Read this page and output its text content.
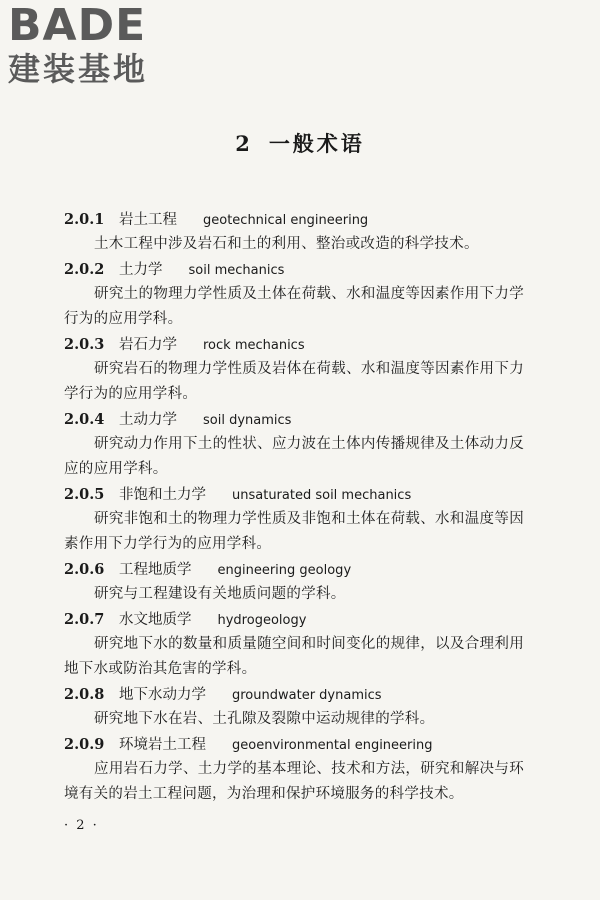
BADE
建装基地
2 一般术语
2.0.1 岩土工程 geotechnical engineering
土木工程中涉及岩石和土的利用、整治或改造的科学技术。
2.0.2 土力学 soil mechanics
研究土的物理力学性质及土体在荷载、水和温度等因素作用下力学行为的应用学科。
2.0.3 岩石力学 rock mechanics
研究岩石的物理力学性质及岩体在荷载、水和温度等因素作用下力学行为的应用学科。
2.0.4 土动力学 soil dynamics
研究动力作用下土的性状、应力波在土体内传播规律及土体动力反应的应用学科。
2.0.5 非饱和土力学 unsaturated soil mechanics
研究非饱和土的物理力学性质及非饱和土体在荷载、水和温度等因素作用下力学行为的应用学科。
2.0.6 工程地质学 engineering geology
研究与工程建设有关地质问题的学科。
2.0.7 水文地质学 hydrogeology
研究地下水的数量和质量随空间和时间变化的规律，以及合理利用地下水或防治其危害的学科。
2.0.8 地下水动力学 groundwater dynamics
研究地下水在岩、土孔隙及裂隙中运动规律的学科。
2.0.9 环境岩土工程 geoenvironmental engineering
应用岩石力学、土力学的基本理论、技术和方法，研究和解决与环境有关的岩土工程问题，为治理和保护环境服务的科学技术。
· 2 ·
